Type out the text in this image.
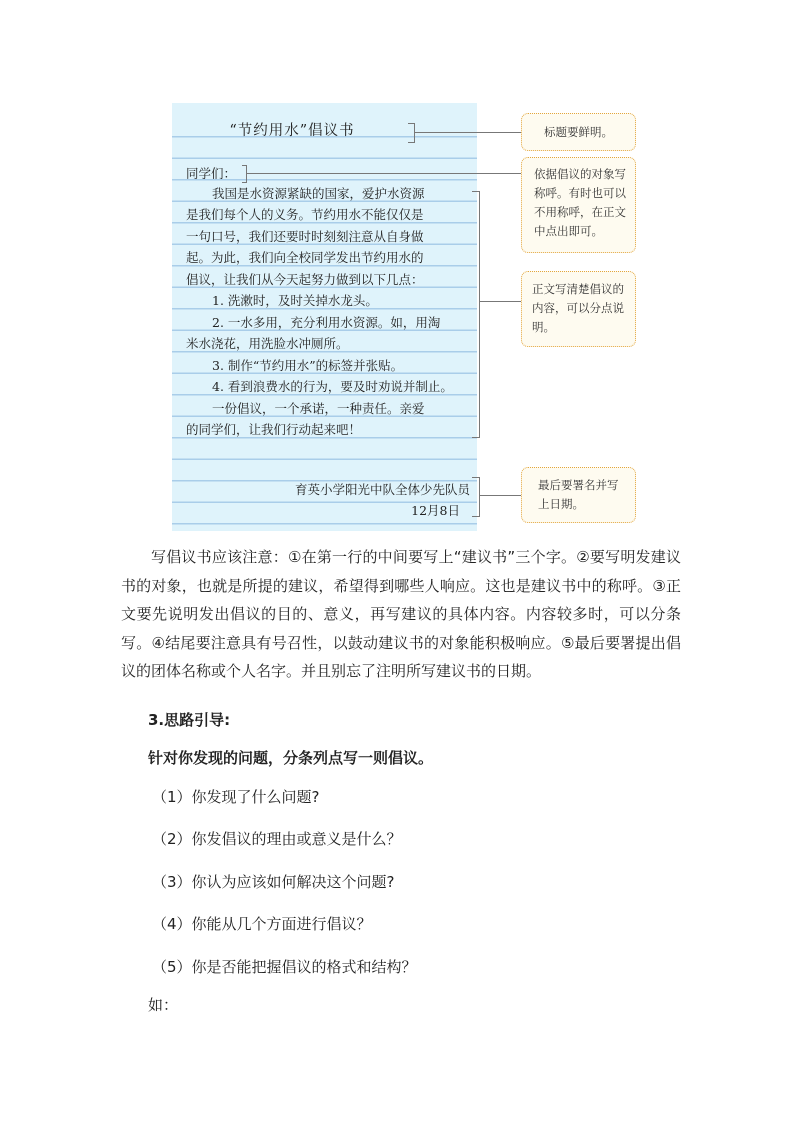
“节约用水”倡议书
同学们：
我国是水资源紧缺的国家，爱护水资源
是我们每个人的义务。节约用水不能仅仅是
一句口号，我们还要时时刻刻注意从自身做
起。为此，我们向全校同学发出节约用水的
倡议，让我们从今天起努力做到以下几点：
1. 洗漱时，及时关掉水龙头。
2. 一水多用，充分利用水资源。如，用淘
米水浇花，用洗脸水冲厕所。
3. 制作“节约用水”的标签并张贴。
4. 看到浪费水的行为，要及时劝说并制止。
一份倡议，一个承诺，一种责任。亲爱
的同学们，让我们行动起来吧！
育英小学阳光中队全体少先队员
12月8日
标题要鲜明。
依据倡议的对象写称呼。有时也可以不用称呼，在正文中点出即可。
正文写清楚倡议的内容，可以分点说明。
最后要署名并写上日期。

写倡议书应该注意：①在第一行的中间要写上“建议书”三个字。②要写明发建议书的对象，也就是所提的建议，希望得到哪些人响应。这也是建议书中的称呼。③正文要先说明发出倡议的目的、意义，再写建议的具体内容。内容较多时，可以分条写。④结尾要注意具有号召性，以鼓动建议书的对象能积极响应。⑤最后要署提出倡议的团体名称或个人名字。并且别忘了注明所写建议书的日期。

3.思路引导:

针对你发现的问题，分条列点写一则倡议。

（1）你发现了什么问题?

（2）你发倡议的理由或意义是什么？

（3）你认为应该如何解决这个问题?

（4）你能从几个方面进行倡议？

（5）你是否能把握倡议的格式和结构？

如：
